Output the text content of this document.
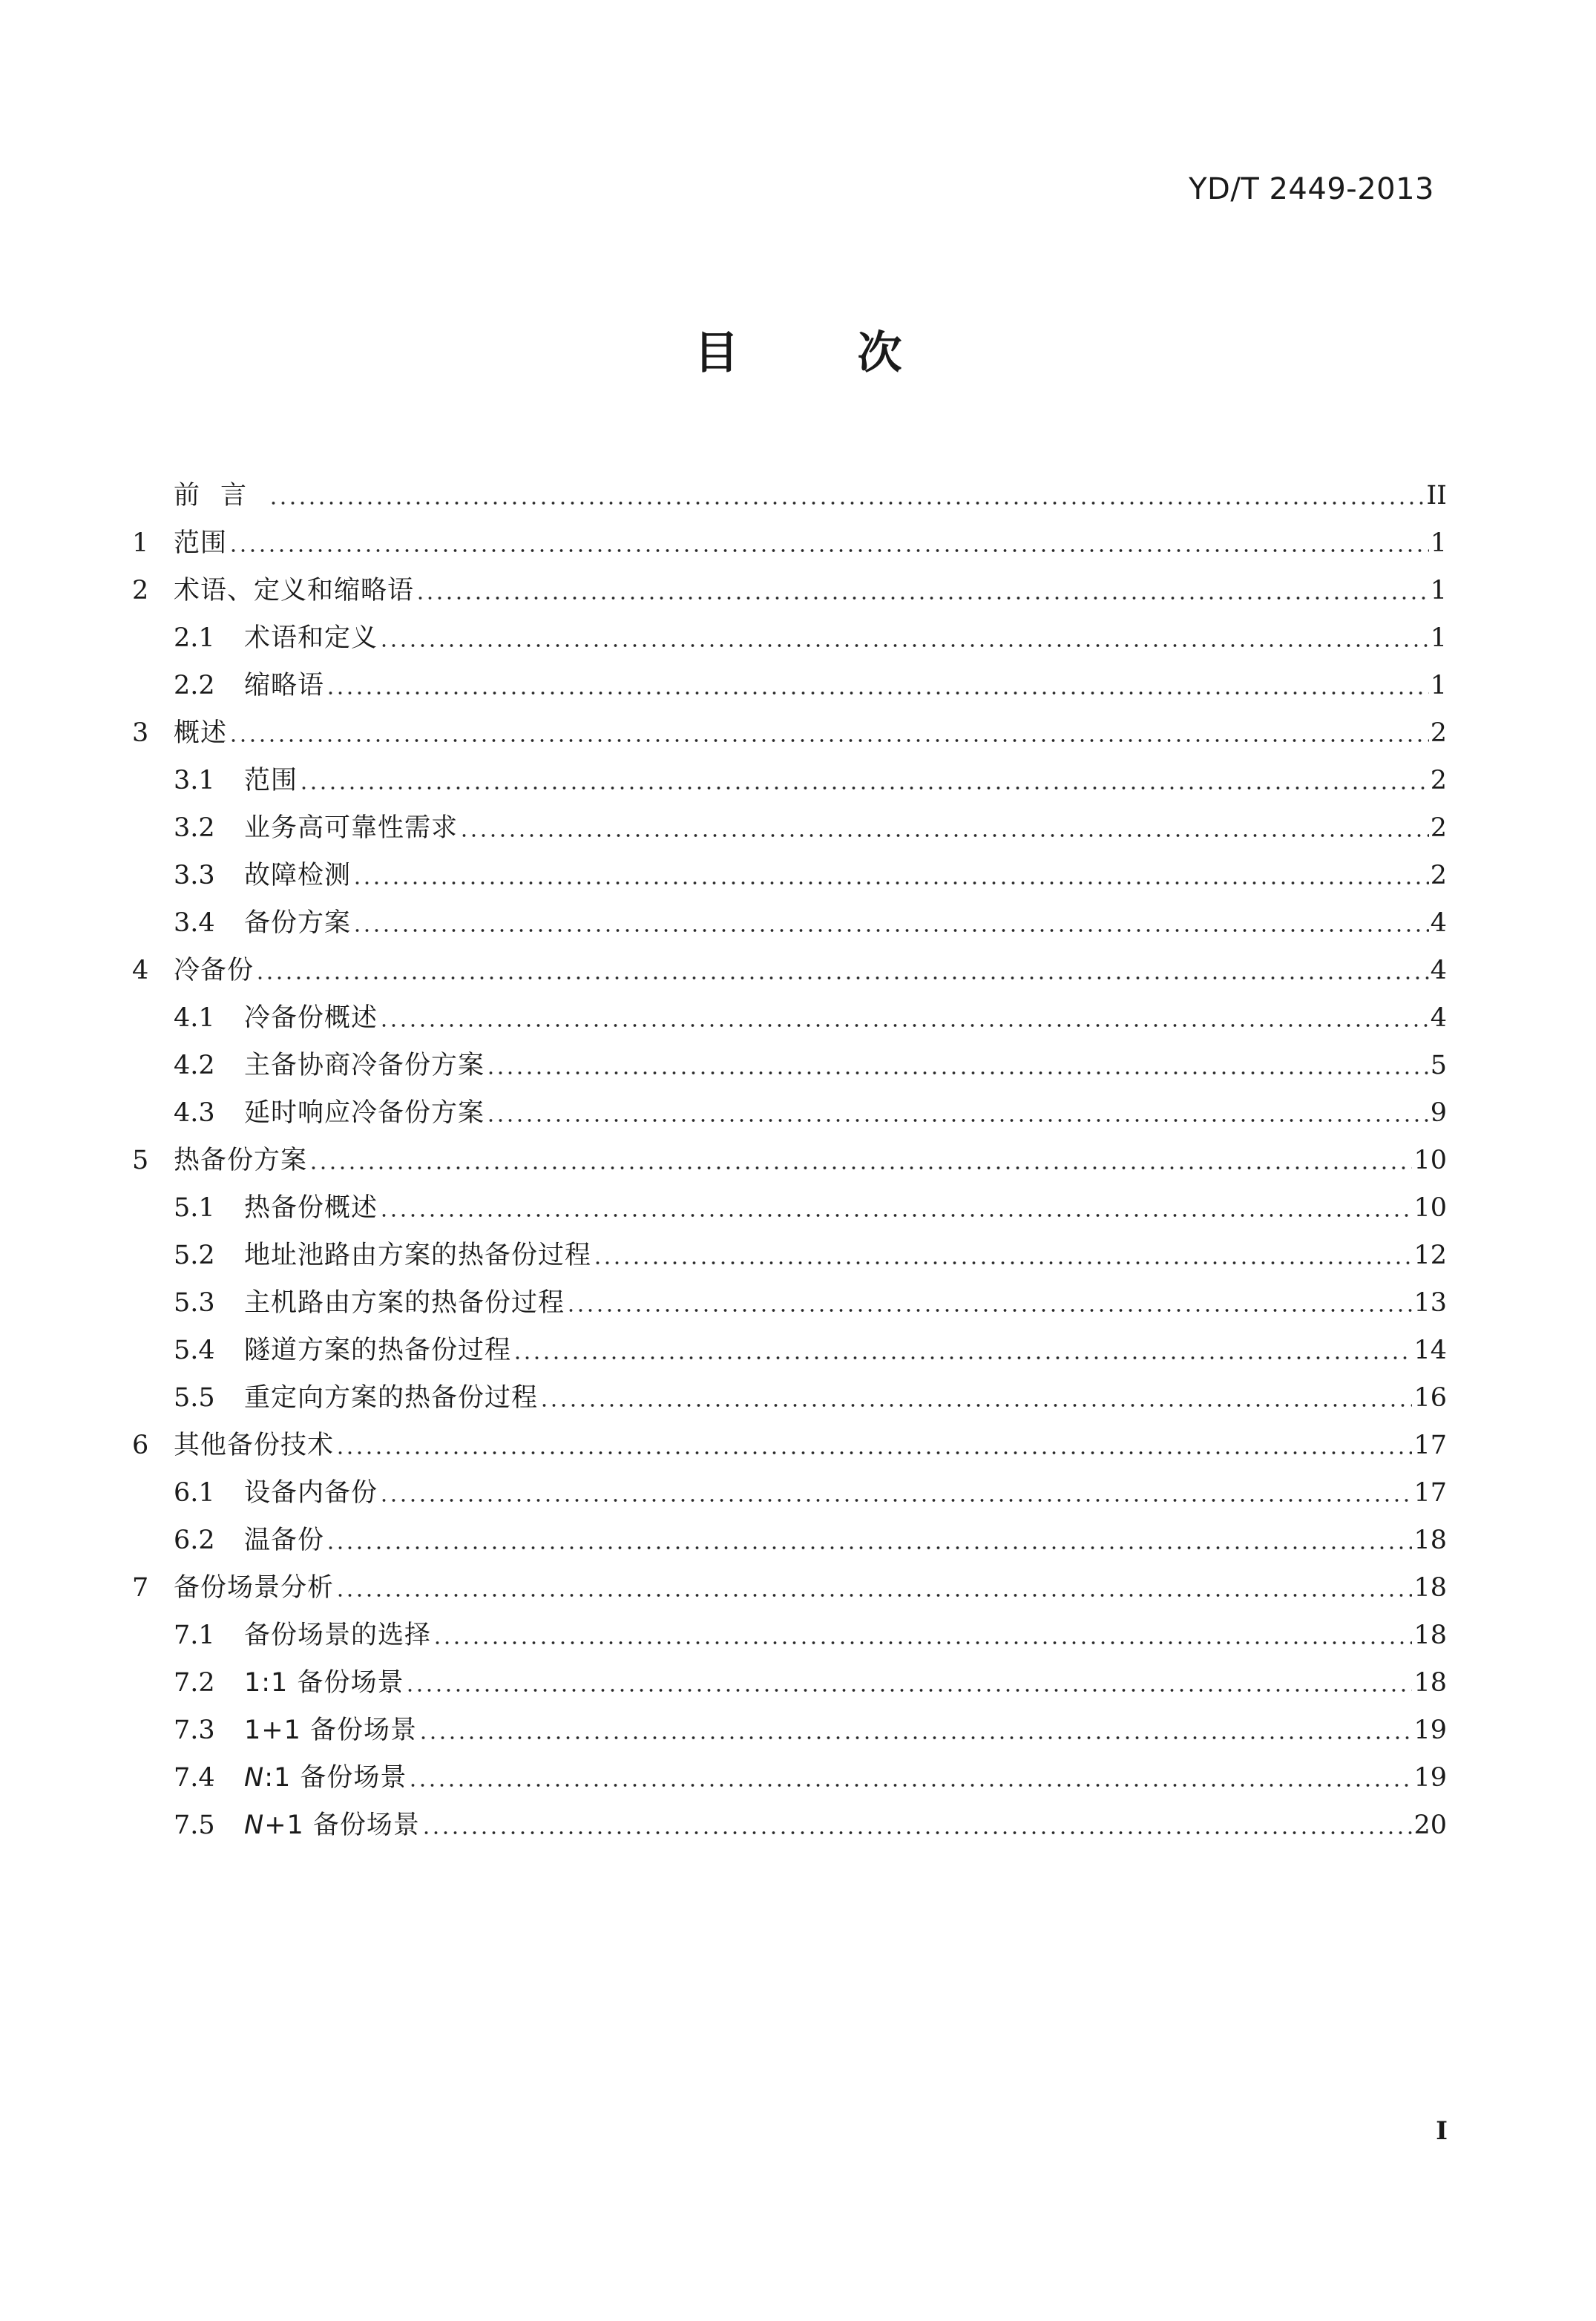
YD/T 2449-2013
目次
前言	II
1 范围	1
2 术语、定义和缩略语	1
2.1	术语和定义	1
2.2	缩略语	1
3 概述	2
3.1	范围	2
3.2	业务高可靠性需求	2
3.3	故障检测	2
3.4	备份方案	4
4 冷备份	4
4.1	冷备份概述	4
4.2	主备协商冷备份方案	5
4.3	延时响应冷备份方案	9
5 热备份方案	10
5.1	热备份概述	10
5.2	地址池路由方案的热备份过程	12
5.3	主机路由方案的热备份过程	13
5.4	隧道方案的热备份过程	14
5.5	重定向方案的热备份过程	16
6 其他备份技术	17
6.1	设备内备份	17
6.2	温备份	18
7 备份场景分析	18
7.1	备份场景的选择	18
7.2	1:1 备份场景	18
7.3	1+1 备份场景	19
7.4	N:1 备份场景	19
7.5	N+1 备份场景	20
I
